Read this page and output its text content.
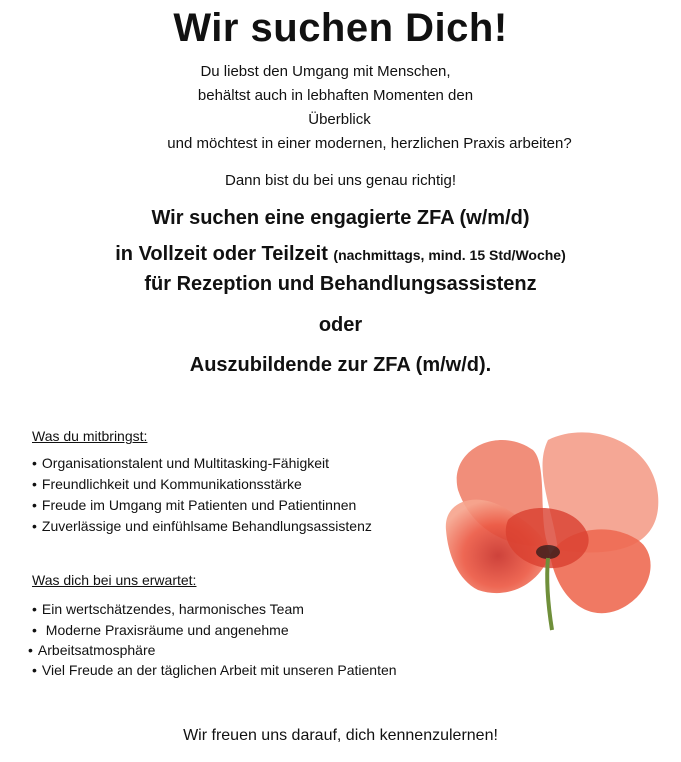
Wir suchen Dich!
Du liebst den Umgang mit Menschen,
behältst auch in lebhaften Momenten den
Überblick
und möchtest in einer modernen, herzlichen Praxis arbeiten?
Dann bist du bei uns genau richtig!
Wir suchen eine engagierte ZFA (w/m/d)
in Vollzeit oder Teilzeit (nachmittags, mind. 15 Std/Woche)
für Rezeption und Behandlungsassistenz
oder
Auszubildende zur ZFA (m/w/d).
Was du mitbringst:
• Organisationstalent und Multitasking-Fähigkeit
• Freundlichkeit und Kommunikationsstärke
• Freude im Umgang mit Patienten und Patientinnen
• Zuverlässige und einfühlsame Behandlungsassistenz
Was dich bei uns erwartet:
• Ein wertschätzendes, harmonisches Team
• Moderne Praxisräume und angenehme
• Arbeitsatmosphäre
• Viel Freude an der täglichen Arbeit mit unseren Patienten
Wir freuen uns darauf, dich kennenzulernen!
